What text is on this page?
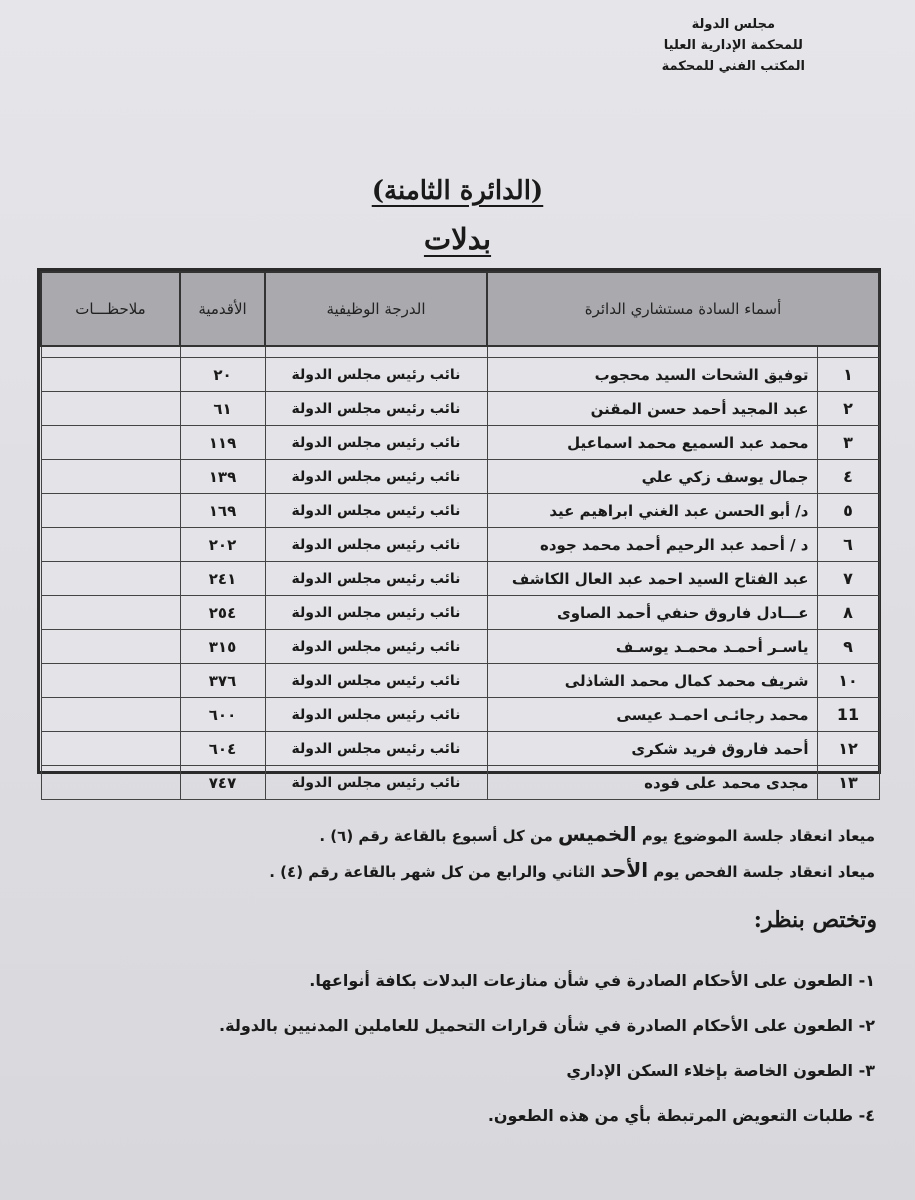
مجلس الدولة
للمحكمة الإدارية العليا
المكتب الفني للمحكمة
(الدائرة الثامنة)
بدلات
أسماء السادة مستشاري الدائرة		الدرجة الوظيفية	الأقدمية	ملاحظـــات

١	توفيق الشحات السيد محجوب	نائب رئيس مجلس الدولة	٢٠	
٢	عبد المجيد أحمد حسن المقنن	نائب رئيس مجلس الدولة	٦١	
٣	محمد عبد السميع محمد اسماعيل	نائب رئيس مجلس الدولة	١١٩	
٤	جمال يوسف زكي علي	نائب رئيس مجلس الدولة	١٣٩	
٥	د/ أبو الحسن عبد الغني ابراهيم عيد	نائب رئيس مجلس الدولة	١٦٩	
٦	د / أحمد عبد الرحيم أحمد محمد جوده	نائب رئيس مجلس الدولة	٢٠٢	
٧	عبد الفتاح السيد احمد عبد العال الكاشف	نائب رئيس مجلس الدولة	٢٤١	
٨	عـــادل فاروق حنفي أحمد الصاوى	نائب رئيس مجلس الدولة	٢٥٤	
٩	ياسـر أحمـد محمـد يوسـف	نائب رئيس مجلس الدولة	٣١٥	
١٠	شريف محمد كمال محمد الشاذلى	نائب رئيس مجلس الدولة	٣٧٦	
11	محمد رجائـى احمـد عيسى	نائب رئيس مجلس الدولة	٦٠٠	
١٢	أحمد فاروق فريد شكرى	نائب رئيس مجلس الدولة	٦٠٤	
١٣	مجدى محمد على فوده	نائب رئيس مجلس الدولة	٧٤٧	
ميعاد انعقاد جلسة الموضوع يوم الخميس من كل أسبوع بالقاعة رقم (٦) .
ميعاد انعقاد جلسة الفحص يوم الأحد الثاني والرابع من كل شهر بالقاعة رقم (٤) .
وتختص بنظر:
١- الطعون على الأحكام الصادرة في شأن منازعات البدلات بكافة أنواعها.
٢- الطعون على الأحكام الصادرة في شأن قرارات التحميل للعاملين المدنيين بالدولة.
٣- الطعون الخاصة بإخلاء السكن الإداري
٤- طلبات التعويض المرتبطة بأي من هذه الطعون.
